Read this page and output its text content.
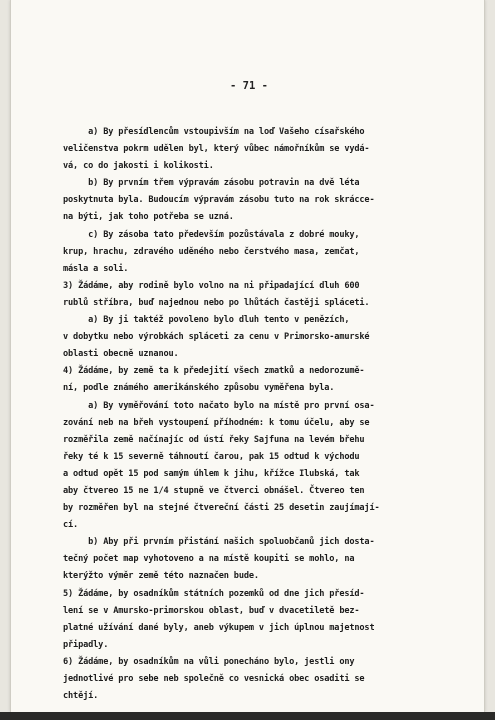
- 71 -
a) By přesídlencům vstoupivším na loď Vašeho císařského
veličenstva pokrm udělen byl, který vůbec námořníkům se vydá-
vá, co do jakosti i kolikosti.
b) By prvním třem výpravám zásobu potravin na dvě léta
poskytnuta byla. Budoucím výpravám zásobu tuto na rok skrácce-
na býti, jak toho potřeba se uzná.
c) By zásoba tato především pozůstávala z dobré mouky,
krup, hrachu, zdravého uděného nebo čerstvého masa, zemčat,
másla a soli.
3) Žádáme, aby rodině bylo volno na ni připadající dluh 600
rublů stříbra, buď najednou nebo po lhůtách častěji spláceti.
a) By ji taktéž povoleno bylo dluh tento v penězích,
v dobytku nebo výrobkách spláceti za cenu v Primorsko-amurské
oblasti obecně uznanou.
4) Žádáme, by země ta k předejití všech zmatků a nedorozumě-
ní, podle známého amerikánského způsobu vyměřena byla.
a) By vyměřování toto načato bylo na místě pro první osa-
zování neb na břeh vystoupení příhodném: k tomu účelu, aby se
rozměřila země načínajíc od ústí řeky Sajfuna na levém břehu
řeky té k 15 severně táhnoutí čarou, pak 15 odtud k východu
a odtud opět 15 pod samým úhlem k jihu, křížce Ilubská, tak
aby čtvereo 15 ne 1/4 stupně ve čtverci obnášel. Čtvereo ten
by rozměřen byl na stejné čtvereční části 25 desetin zaujímají-
cí.
b) Aby při prvním přistání našich spoluobčanů jich dosta-
tečný počet map vyhotoveno a na místě koupiti se mohlo, na
kterýžto výměr země této naznačen bude.
5) Žádáme, by osadníkům státních pozemků od dne jich přesíd-
lení se v Amursko-primorskou oblast, buď v dvacetiletě bez-
platné užívání dané byly, aneb výkupem v jich úplnou majetnost
připadly.
6) Žádáme, by osadníkům na vůli ponecháno bylo, jestli ony
jednotlivé pro sebe neb společně co vesnická obec osaditi se
chtějí.
